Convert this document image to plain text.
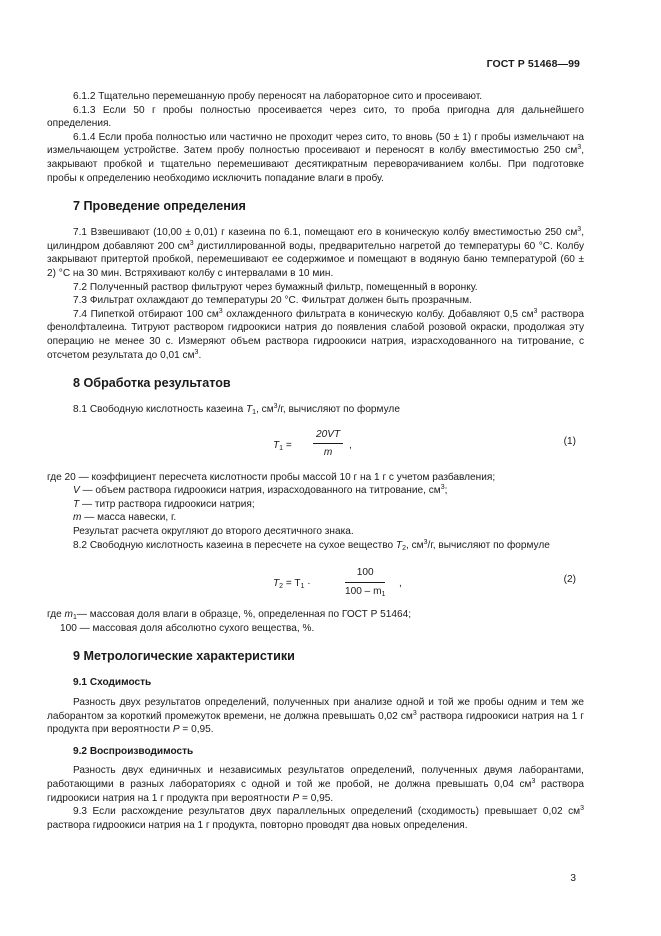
ГОСТ Р 51468—99

6.1.2 Тщательно перемешанную пробу переносят на лабораторное сито и просеивают.

6.1.3 Если 50 г пробы полностью просеивается через сито, то проба пригодна для дальнейшего определения.

6.1.4 Если проба полностью или частично не проходит через сито, то вновь (50 ± 1) г пробы измельчают на измельчающем устройстве. Затем пробу полностью просеивают и переносят в колбу вместимостью 250 $см^3$, закрывают пробкой и тщательно перемешивают десятикратным переворачиванием колбы. При подготовке пробы к определению необходимо исключить попадание влаги в пробу.

7 Проведение определения

7.1 Взвешивают (10,00 ± 0,01) г казеина по 6.1, помещают его в коническую колбу вместимостью 250 $см^3$, цилиндром добавляют 200 $см^3$ дистиллированной воды, предварительно нагретой до температуры 60 °С. Колбу закрывают притертой пробкой, перемешивают ее содержимое и помещают в водяную баню температурой (60 ± 2) °С на 30 мин. Встряхивают колбу с интервалами в 10 мин.

7.2 Полученный раствор фильтруют через бумажный фильтр, помещенный в воронку.

7.3 Фильтрат охлаждают до температуры 20 °С. Фильтрат должен быть прозрачным.

7.4 Пипеткой отбирают 100 $см^3$ охлажденного фильтрата в коническую колбу. Добавляют 0,5 $см^3$ раствора фенолфталеина. Титруют раствором гидроокиси натрия до появления слабой розовой окраски, продолжая эту операцию не менее 30 с. Измеряют объем раствора гидроокиси натрия, израсходованного на титрование, с отсчетом результата до 0,01 $см^3$.

8 Обработка результатов

8.1 Свободную кислотность казеина $T_1$, $см^3/г$, вычисляют по формуле

$T_1 = \frac{20VT}{m}$ ,	(1)

где 20 — коэффициент пересчета кислотности пробы массой 10 г на 1 г с учетом разбавления;

V — объем раствора гидроокиси натрия, израсходованного на титрование, $см^3$;

T — титр раствора гидроокиси натрия;

m — масса навески, г.

Результат расчета округляют до второго десятичного знака.

8.2 Свободную кислотность казеина в пересчете на сухое вещество $T_2$, $см^3/г$, вычисляют по формуле

$T_2 = T_1$ ·	$\frac{100}{100 - m_1}$ ,	(2)

где $m_1—$ массовая доля влаги в образце, %, определенная по ГОСТ Р 51464;

100 — массовая доля абсолютно сухого вещества, %.

9 Метрологические характеристики
9.1 Сходимость

Разность двух результатов определений, полученных при анализе одной и той же пробы одним и тем же лаборантом за короткий промежуток времени, не должна превышать 0,02 $см^3$ раствора гидроокиси натрия на 1 г продукта при вероятности P = 0,95.

9.2 Воспроизводимость

Разность двух единичных и независимых результатов определений, полученных двумя лаборантами, работающими в разных лабораториях с одной и той же пробой, не должна превышать 0,04 $см^3$ раствора гидроокиси натрия на 1 г продукта при вероятности P = 0,95.

9.3 Если расхождение результатов двух параллельных определений (сходимость) превышает 0,02 $см^3$ раствора гидроокиси натрия на 1 г продукта, повторно проводят два новых определения.

3
